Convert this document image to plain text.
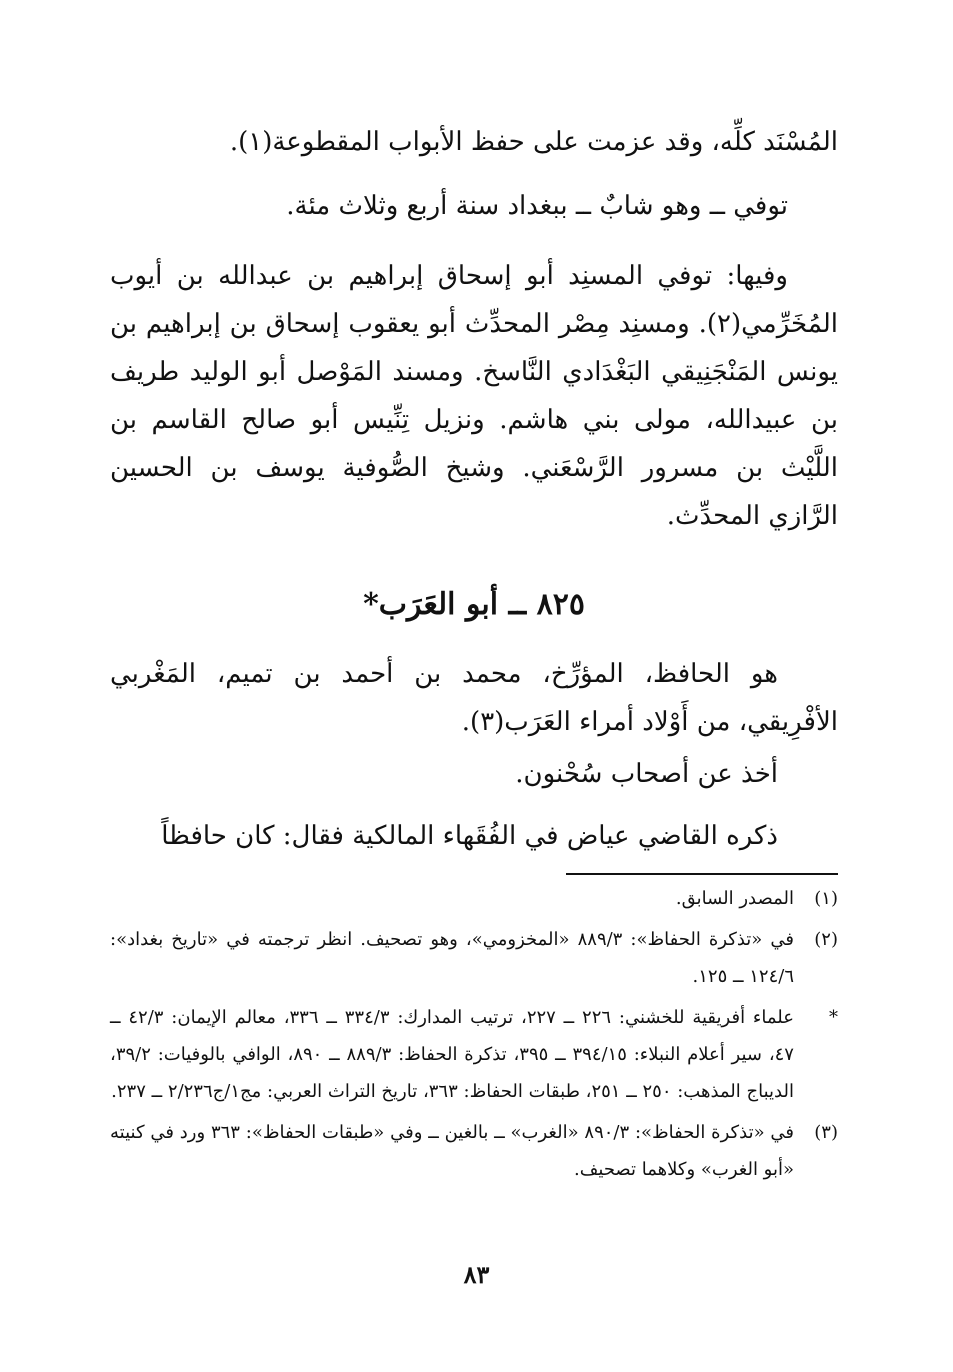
المُسْنَد كلِّه، وقد عزمت على حفظ الأبواب المقطوعة(١).

توفي ــ وهو شابٌ ــ ببغداد سنة أربع وثلاث مئة.

وفيها: توفي المسنِد أبو إسحاق إبراهيم بن عبدالله بن أيوب المُخَرِّمي(٢). ومسنِد مِصْر المحدِّث أبو يعقوب إسحاق بن إبراهيم بن يونس المَنْجَنِيقي البَغْدَادي النَّاسخ. ومسند المَوْصل أبو الوليد طريف بن عبيدالله، مولى بني هاشم. ونزيل تِنِّيس أبو صالح القاسم بن اللَّيْث بن مسرور الرَّسْعَني. وشيخ الصُّوفية يوسف بن الحسين الرَّازي المحدِّث.

٨٢٥ ــ أبو العَرَب*

هو الحافظ، المؤرِّخ، محمد بن أحمد بن تميم، المَغْربي الأفْرِيقي، من أَوْلاد أمراء العَرَب(٣).

أخذ عن أصحاب سُحْنون.

ذكره القاضي عياض في الفُقَهاء المالكية فقال: كان حافظاً

(١)
المصدر السابق.
(٢)
في «تذكرة الحفاظ»: ٨٨٩/٣ «المخزومي»، وهو تصحيف. انظر ترجمته في «تاريخ بغداد»: ١٢٤/٦ ــ ١٢٥.
*
علماء أفريقية للخشني: ٢٢٦ ــ ٢٢٧، ترتيب المدارك: ٣٣٤/٣ ــ ٣٣٦، معالم الإيمان: ٤٢/٣ ــ ٤٧، سير أعلام النبلاء: ٣٩٤/١٥ ــ ٣٩٥، تذكرة الحفاظ: ٨٨٩/٣ ــ ٨٩٠، الوافي بالوفيات: ٣٩/٢، الديباج المذهب: ٢٥٠ ــ ٢٥١، طبقات الحفاظ: ٣٦٣، تاريخ التراث العربي: مج١/ج٢/٢٣٦ ــ ٢٣٧.
(٣)
في «تذكرة الحفاظ»: ٨٩٠/٣ «الغرب» ــ بالغين ــ وفي «طبقات الحفاظ»: ٣٦٣ ورد في كنيته «أبو الغرب» وكلاهما تصحيف.
٨٣
